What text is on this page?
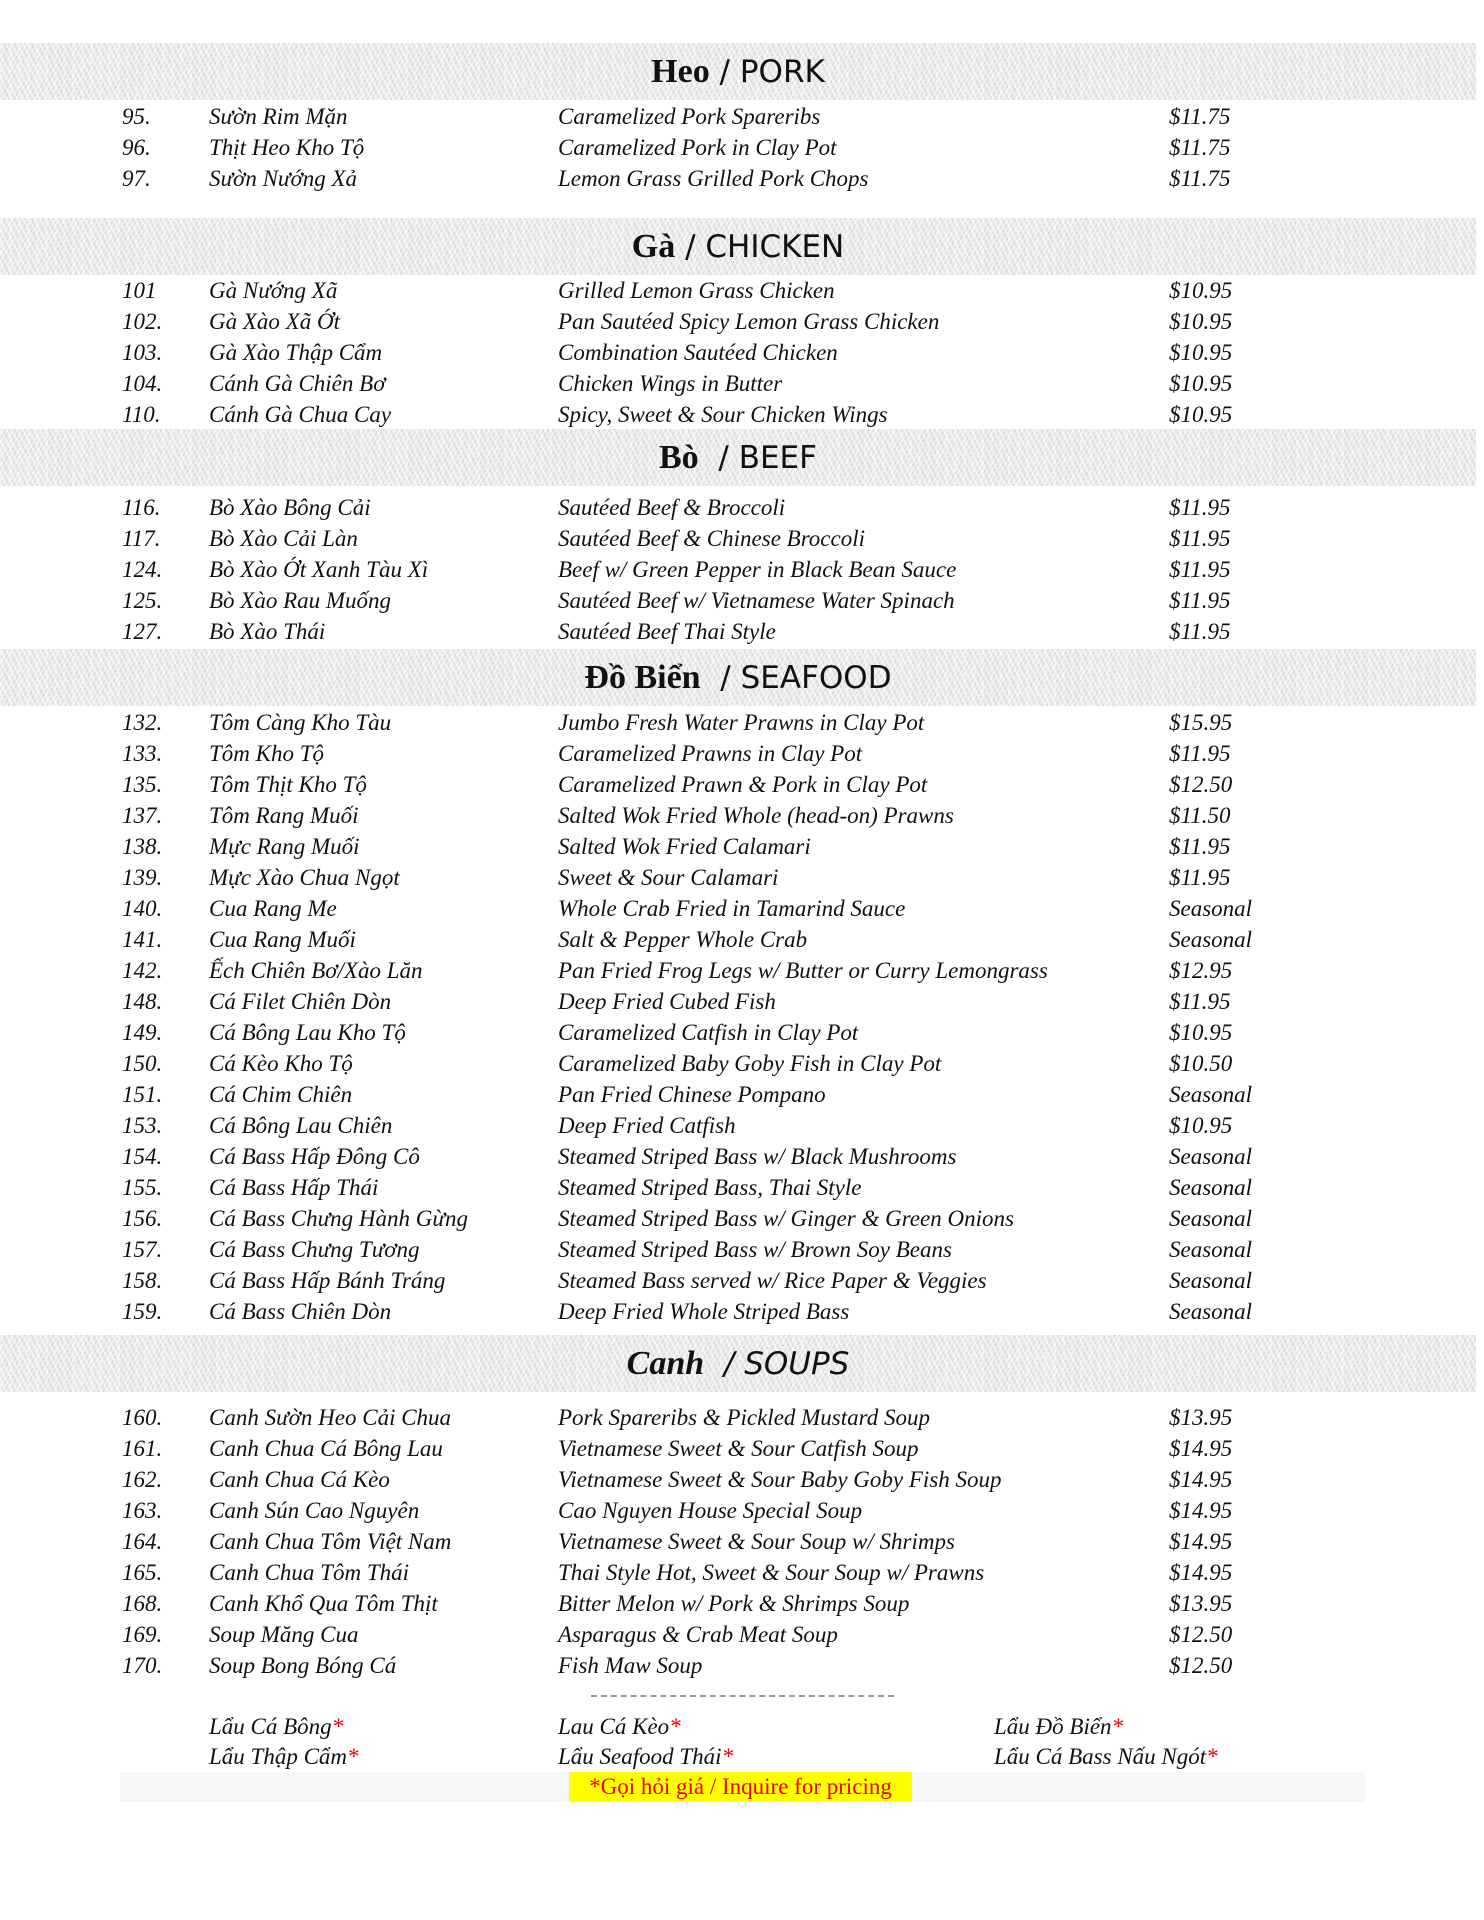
Heo / PORK
95.	Sườn Rim Mặn	Caramelized Pork Spareribs	$11.75
96.	Thịt Heo Kho Tộ	Caramelized Pork in Clay Pot	$11.75
97.	Sườn Nướng Xả	Lemon Grass Grilled Pork Chops	$11.75
Gà / CHICKEN
101 Gà Nướng Xã	Grilled Lemon Grass Chicken	$10.95
102. Gà Xào Xã Ớt	Pan Sautéed Spicy Lemon Grass Chicken	$10.95
103. Gà Xào Thập Cẩm	Combination Sautéed Chicken	$10.95
104. Cánh Gà Chiên Bơ	Chicken Wings in Butter	$10.95
110. Cánh Gà Chua Cay	Spicy, Sweet & Sour Chicken Wings	$10.95
Bò  / BEEF
116. Bò Xào Bông Cải	Sautéed Beef & Broccoli	$11.95
117. Bò Xào Cải Làn	Sautéed Beef & Chinese Broccoli	$11.95
124. Bò Xào Ớt Xanh Tàu Xì	Beef w/ Green Pepper in Black Bean Sauce	$11.95
125. Bò Xào Rau Muống	Sautéed Beef w/ Vietnamese Water Spinach	$11.95
127. Bò Xào Thái	Sautéed Beef Thai Style	$11.95
Đồ Biển  / SEAFOOD
132. Tôm Càng Kho Tàu	Jumbo Fresh Water Prawns in Clay Pot	$15.95
133. Tôm Kho Tộ	Caramelized Prawns in Clay Pot	$11.95
135. Tôm Thịt Kho Tộ	Caramelized Prawn & Pork in Clay Pot	$12.50
137. Tôm Rang Muối	Salted Wok Fried Whole (head-on) Prawns	$11.50
138. Mực Rang Muối	Salted Wok Fried Calamari	$11.95
139. Mực Xào Chua Ngọt	Sweet & Sour Calamari	$11.95
140. Cua Rang Me	Whole Crab Fried in Tamarind Sauce	Seasonal
141. Cua Rang Muối	Salt & Pepper Whole Crab	Seasonal
142. Ếch Chiên Bơ/Xào Lăn	Pan Fried Frog Legs w/ Butter or Curry Lemongrass	$12.95
148. Cá Filet Chiên Dòn	Deep Fried Cubed Fish	$11.95
149. Cá Bông Lau Kho Tộ	Caramelized Catfish in Clay Pot	$10.95
150. Cá Kèo Kho Tộ	Caramelized Baby Goby Fish in Clay Pot	$10.50
151. Cá Chim Chiên	Pan Fried Chinese Pompano	Seasonal
153. Cá Bông Lau Chiên	Deep Fried Catfish	$10.95
154. Cá Bass Hấp Đông Cô	Steamed Striped Bass w/ Black Mushrooms	Seasonal
155. Cá Bass Hấp Thái	Steamed Striped Bass, Thai Style	Seasonal
156. Cá Bass Chưng Hành Gừng	Steamed Striped Bass w/ Ginger & Green Onions	Seasonal
157. Cá Bass Chưng Tương	Steamed Striped Bass w/ Brown Soy Beans	Seasonal
158. Cá Bass Hấp Bánh Tráng	Steamed Bass served w/ Rice Paper & Veggies	Seasonal
159. Cá Bass Chiên Dòn	Deep Fried Whole Striped Bass	Seasonal
Canh  / SOUPS
160. Canh Sườn Heo Cải Chua	Pork Spareribs & Pickled Mustard Soup	$13.95
161. Canh Chua Cá Bông Lau	Vietnamese Sweet & Sour Catfish Soup	$14.95
162. Canh Chua Cá Kèo	Vietnamese Sweet & Sour Baby Goby Fish Soup	$14.95
163. Canh Sún Cao Nguyên	Cao Nguyen House Special Soup	$14.95
164. Canh Chua Tôm Việt Nam	Vietnamese Sweet & Sour Soup w/ Shrimps	$14.95
165. Canh Chua Tôm Thái	Thai Style Hot, Sweet & Sour Soup w/ Prawns	$14.95
168. Canh Khổ Qua Tôm Thịt	Bitter Melon w/ Pork & Shrimps Soup	$13.95
169. Soup Măng Cua	Asparagus & Crab Meat Soup	$12.50
170. Soup Bong Bóng Cá	Fish Maw Soup	$12.50
*Gọi hỏi giá / Inquire for pricing
Lẩu Cá Bông*	Lau Cá Kèo*	Lẩu Đồ Biển*
Lẩu Thập Cẩm*	Lẩu Seafood Thái*	Lẩu Cá Bass Nấu Ngót*
